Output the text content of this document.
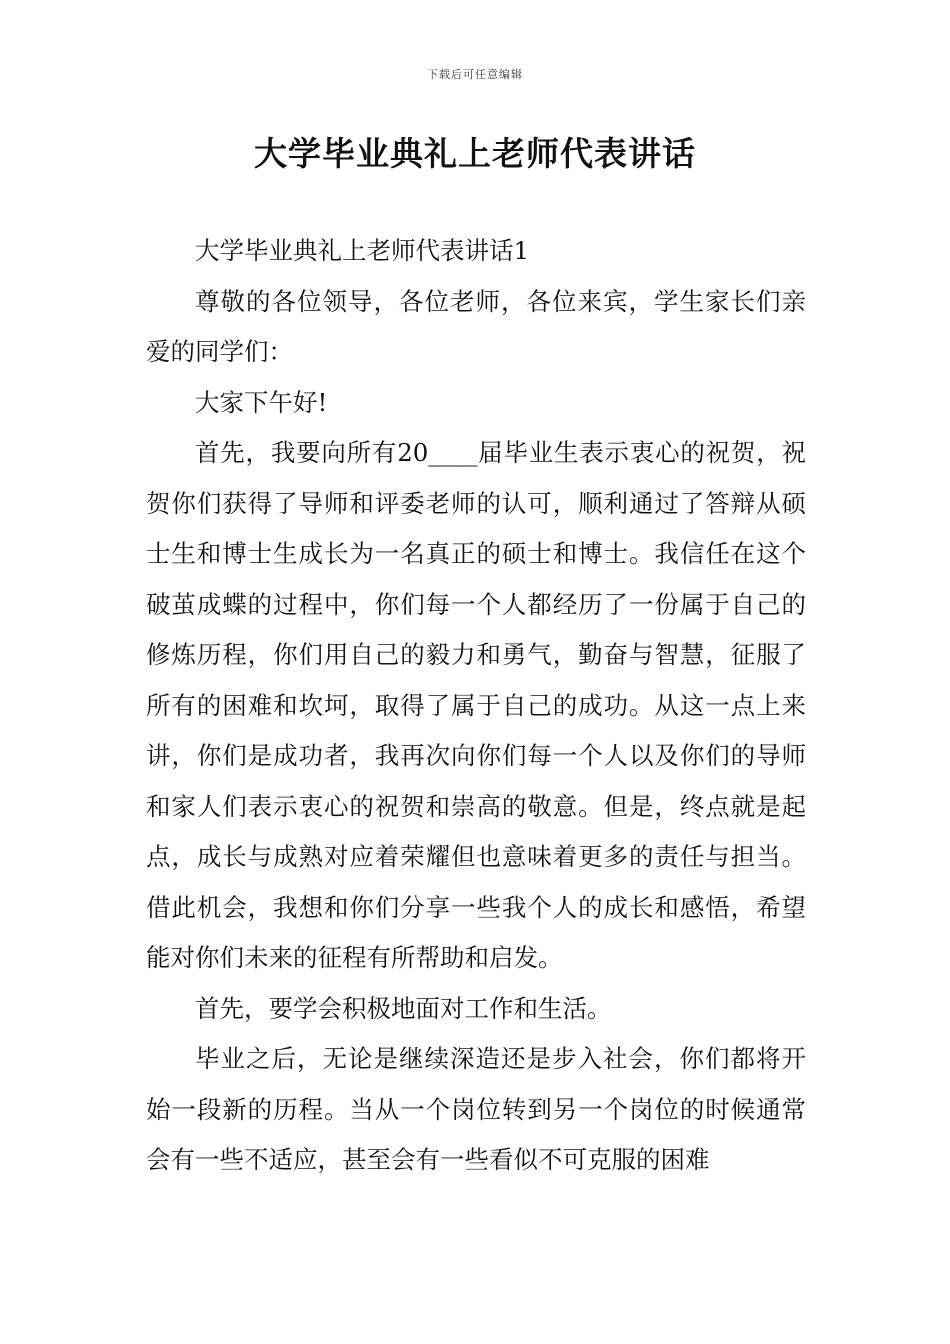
下载后可任意编辑
大学毕业典礼上老师代表讲话

大学毕业典礼上老师代表讲话1

尊敬的各位领导，各位老师，各位来宾，学生家长们亲爱的同学们：

大家下午好!

首先，我要向所有20____届毕业生表示衷心的祝贺，祝贺你们获得了导师和评委老师的认可，顺利通过了答辩从硕士生和博士生成长为一名真正的硕士和博士。我信任在这个破茧成蝶的过程中，你们每一个人都经历了一份属于自己的修炼历程，你们用自己的毅力和勇气，勤奋与智慧，征服了所有的困难和坎坷，取得了属于自己的成功。从这一点上来讲，你们是成功者，我再次向你们每一个人以及你们的导师和家人们表示衷心的祝贺和崇高的敬意。但是，终点就是起点，成长与成熟对应着荣耀但也意味着更多的责任与担当。借此机会，我想和你们分享一些我个人的成长和感悟，希望能对你们未来的征程有所帮助和启发。

首先，要学会积极地面对工作和生活。

毕业之后，无论是继续深造还是步入社会，你们都将开始一段新的历程。当从一个岗位转到另一个岗位的时候通常会有一些不适应，甚至会有一些看似不可克服的困难
